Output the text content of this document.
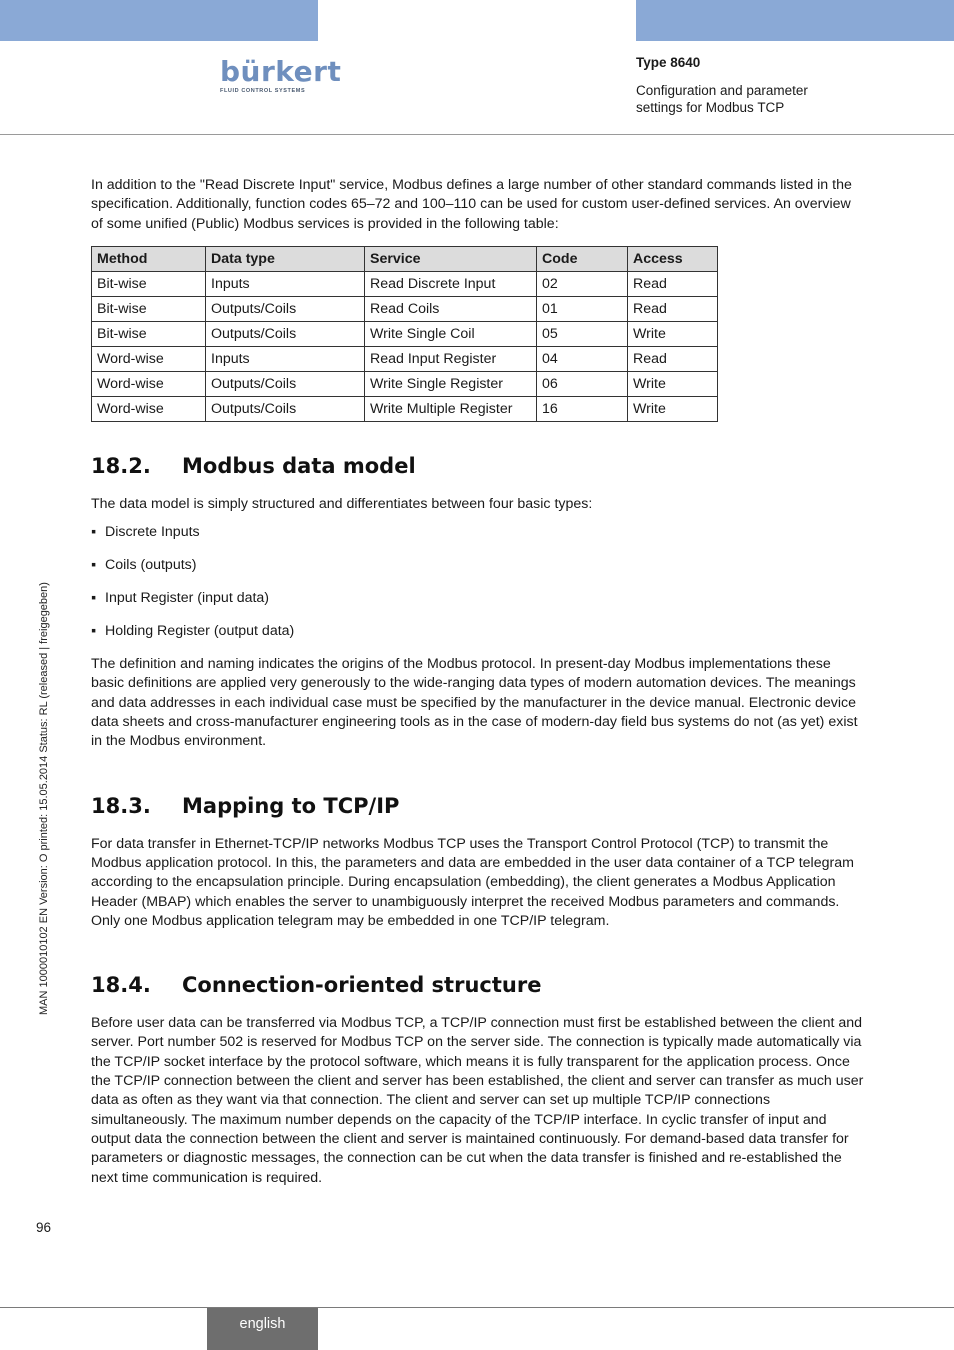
bürkert
FLUID CONTROL SYSTEMS
Type 8640
Configuration and parameter
settings for Modbus TCP
MAN 1000010102 EN Version: O printed: 15.05.2014 Status: RL (released | freigegeben)

In addition to the "Read Discrete Input" service, Modbus defines a large number of other standard commands listed in the specification. Additionally, function codes 65–72 and 100–110 can be used for custom user-defined services. An overview of some unified (Public) Modbus services is provided in the following table:

Method	Data type	Service	Code	Access
Bit-wise	Inputs	Read Discrete Input	02	Read
Bit-wise	Outputs/Coils	Read Coils	01	Read
Bit-wise	Outputs/Coils	Write Single Coil	05	Write
Word-wise	Inputs	Read Input Register	04	Read
Word-wise	Outputs/Coils	Write Single Register	06	Write
Word-wise	Outputs/Coils	Write Multiple Register	16	Write
18.2. Modbus data model

The data model is simply structured and differentiates between four basic types:

▪ Discrete Inputs
▪ Coils (outputs)
▪ Input Register (input data)
▪ Holding Register (output data)

The definition and naming indicates the origins of the Modbus protocol. In present-day Modbus implementations these basic definitions are applied very generously to the wide-ranging data types of modern automation devices. The meanings and data addresses in each individual case must be specified by the manufacturer in the device manual. Electronic device data sheets and cross-manufacturer engineering tools as in the case of modern-day field bus systems do not (as yet) exist in the Modbus environment.

18.3. Mapping to TCP/IP

For data transfer in Ethernet-TCP/IP networks Modbus TCP uses the Transport Control Protocol (TCP) to transmit the Modbus application protocol. In this, the parameters and data are embedded in the user data container of a TCP telegram according to the encapsulation principle. During encapsulation (embedding), the client generates a Modbus Application Header (MBAP) which enables the server to unambiguously interpret the received Modbus parameters and commands. Only one Modbus application telegram may be embedded in one TCP/IP telegram.

18.4. Connection-oriented structure

Before user data can be transferred via Modbus TCP, a TCP/IP connection must first be established between the client and server. Port number 502 is reserved for Modbus TCP on the server side. The connection is typically made automatically via the TCP/IP socket interface by the protocol software, which means it is fully transparent for the application process. Once the TCP/IP connection between the client and server has been established, the client and server can transfer as much user data as often as they want via that connection. The client and server can set up multiple TCP/IP connections simultaneously. The maximum number depends on the capacity of the TCP/IP interface. In cyclic transfer of input and output data the connection between the client and server is maintained continuously. For demand-based data transfer for parameters or diagnostic messages, the connection can be cut when the data transfer is finished and re-established the next time communication is required.

96
english
